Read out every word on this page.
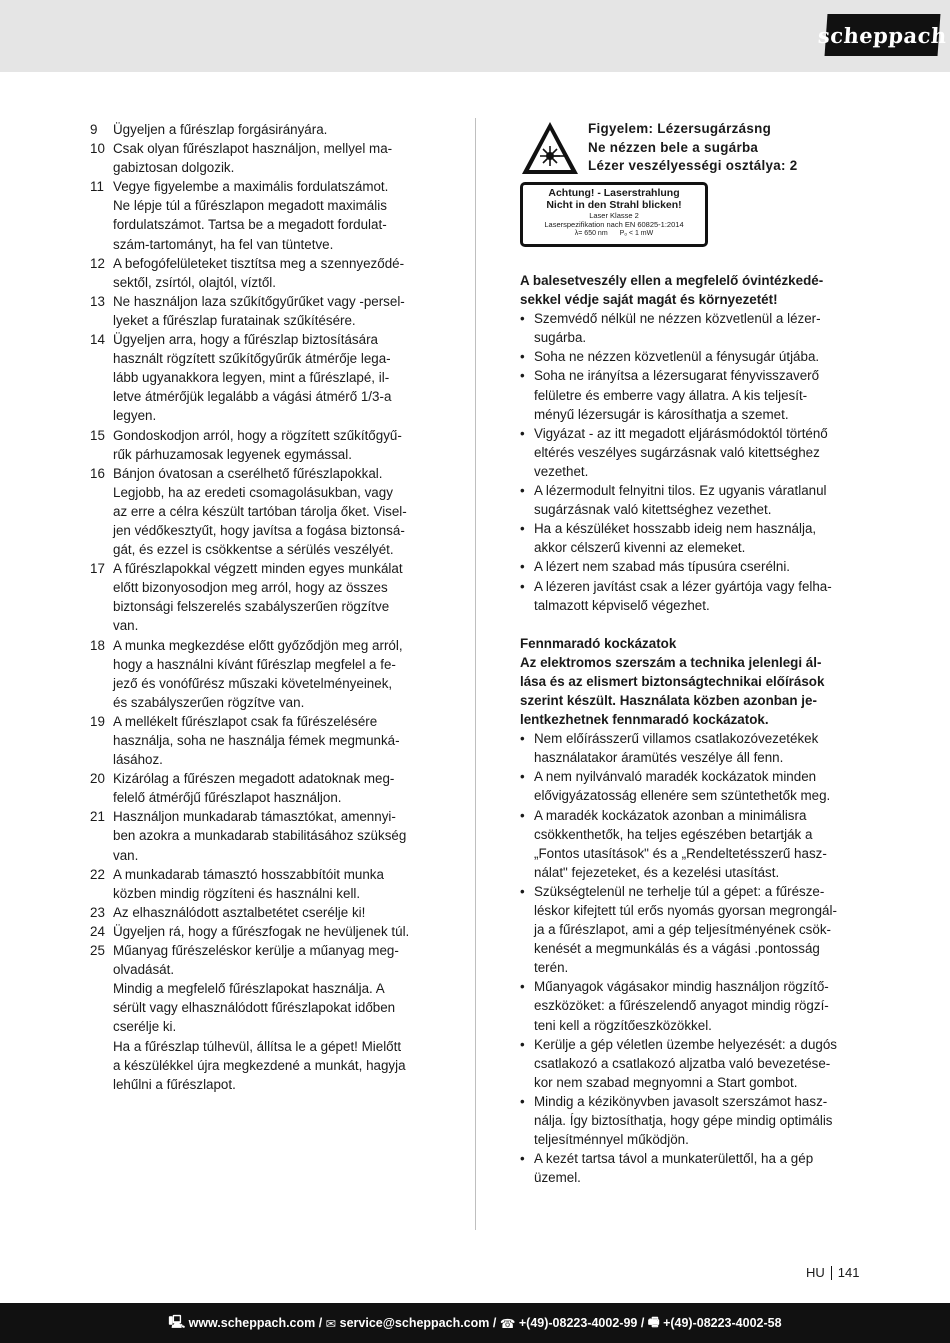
scheppach
9	Ügyeljen a fűrészlap forgásirányára.
10 Csak olyan fűrészlapot használjon, mellyel ma-
gabiztosan dolgozik.
11 Vegye figyelembe a maximális fordulatszámot.
Ne lépje túl a fűrészlapon megadott maximális
fordulatszámot. Tartsa be a megadott fordulat-
szám-tartományt, ha fel van tüntetve.
12 A befogófelületeket tisztítsa meg a szennyeződé-
sektől, zsírtól, olajtól, víztől.
13 Ne használjon laza szűkítőgyűrűket vagy -persel-
lyeket a fűrészlap furatainak szűkítésére.
14 Ügyeljen arra, hogy a fűrészlap biztosítására
használt rögzített szűkítőgyűrűk átmérője lega-
lább ugyanakkora legyen, mint a fűrészlapé, il-
letve átmérőjük legalább a vágási átmérő 1/3-a
legyen.
15 Gondoskodjon arról, hogy a rögzített szűkítőgyű-
rűk párhuzamosak legyenek egymással.
16 Bánjon óvatosan a cserélhető fűrészlapokkal.
Legjobb, ha az eredeti csomagolásukban, vagy
az erre a célra készült tartóban tárolja őket. Visel-
jen védőkesztyűt, hogy javítsa a fogása biztonsá-
gát, és ezzel is csökkentse a sérülés veszélyét.
17 A fűrészlapokkal végzett minden egyes munkálat
előtt bizonyosodjon meg arról, hogy az összes
biztonsági felszerelés szabályszerűen rögzítve
van.
18 A munka megkezdése előtt győződjön meg arról,
hogy a használni kívánt fűrészlap megfelel a fe-
jező és vonófűrész műszaki követelményeinek,
és szabályszerűen rögzítve van.
19 A mellékelt fűrészlapot csak fa fűrészelésére
használja, soha ne használja fémek megmunká-
lásához.
20 Kizárólag a fűrészen megadott adatoknak meg-
felelő átmérőjű fűrészlapot használjon.
21 Használjon munkadarab támasztókat, amennyi-
ben azokra a munkadarab stabilitásához szükség
van.
22 A munkadarab támasztó hosszabbítóit munka
közben mindig rögzíteni és használni kell.
23 Az elhasználódott asztalbetétet cserélje ki!
24 Ügyeljen rá, hogy a fűrészfogak ne hevüljenek túl.
25 Műanyag fűrészeléskor kerülje a műanyag meg-
olvadását.
Mindig a megfelelő fűrészlapokat használja. A
sérült vagy elhasználódott fűrészlapokat időben
cserélje ki.
Ha a fűrészlap túlhevül, állítsa le a gépet! Mielőtt
a készülékkel újra megkezdené a munkát, hagyja
lehűlni a fűrészlapot.
Figyelem: Lézersugárzásng
Ne nézzen bele a sugárba
Lézer veszélyességi osztálya: 2
Achtung! - Laserstrahlung
Nicht in den Strahl blicken!
Laser Klasse 2
Laserspezifikation nach EN 60825-1:2014
λ= 650 nm Pₒ < 1 mW
A balesetveszély ellen a megfelelő óvintézkedé-
sekkel védje saját magát és környezetét!
• Szemvédő nélkül ne nézzen közvetlenül a lézer-
sugárba.
• Soha ne nézzen közvetlenül a fénysugár útjába.
• Soha ne irányítsa a lézersugarat fényvisszaverő
felületre és emberre vagy állatra. A kis teljesít-
ményű lézersugár is károsíthatja a szemet.
• Vigyázat - az itt megadott eljárásmódoktól történő
eltérés veszélyes sugárzásnak való kitettséghez
vezethet.
• A lézermodult felnyitni tilos. Ez ugyanis váratlanul
sugárzásnak való kitettséghez vezethet.
• Ha a készüléket hosszabb ideig nem használja,
akkor célszerű kivenni az elemeket.
• A lézert nem szabad más típusúra cserélni.
• A lézeren javítást csak a lézer gyártója vagy felha-
talmazott képviselő végezhet.
Fennmaradó kockázatok
Az elektromos szerszám a technika jelenlegi ál-
lása és az elismert biztonságtechnikai előírások
szerint készült. Használata közben azonban je-
lentkezhetnek fennmaradó kockázatok.
• Nem előírásszerű villamos csatlakozóvezetékek
használatakor áramütés veszélye áll fenn.
• A nem nyilvánvaló maradék kockázatok minden
elővigyázatosság ellenére sem szüntethetők meg.
• A maradék kockázatok azonban a minimálisra
csökkenthetők, ha teljes egészében betartják a
„Fontos utasítások" és a „Rendeltetésszerű hasz-
nálat" fejezeteket, és a kezelési utasítást.
• Szükségtelenül ne terhelje túl a gépet: a fűrésze-
léskor kifejtett túl erős nyomás gyorsan megrongál-
ja a fűrészlapot, ami a gép teljesítményének csök-
kenését a megmunkálás és a vágási .pontosság
terén.
• Műanyagok vágásakor mindig használjon rögzítő-
eszközöket: a fűrészelendő anyagot mindig rögzí-
teni kell a rögzítőeszközökkel.
• Kerülje a gép véletlen üzembe helyezését: a dugós
csatlakozó a csatlakozó aljzatba való bevezetése-
kor nem szabad megnyomni a Start gombot.
• Mindig a kézikönyvben javasolt szerszámot hasz-
nálja. Így biztosíthatja, hogy gépe mindig optimális
teljesítménnyel működjön.
• A kezét tartsa távol a munkaterülettől, ha a gép
üzemel.
HU 141
🖳 www.scheppach.com / ✉ service@scheppach.com / ☎ +(49)-08223-4002-99 / 🖷 +(49)-08223-4002-58
